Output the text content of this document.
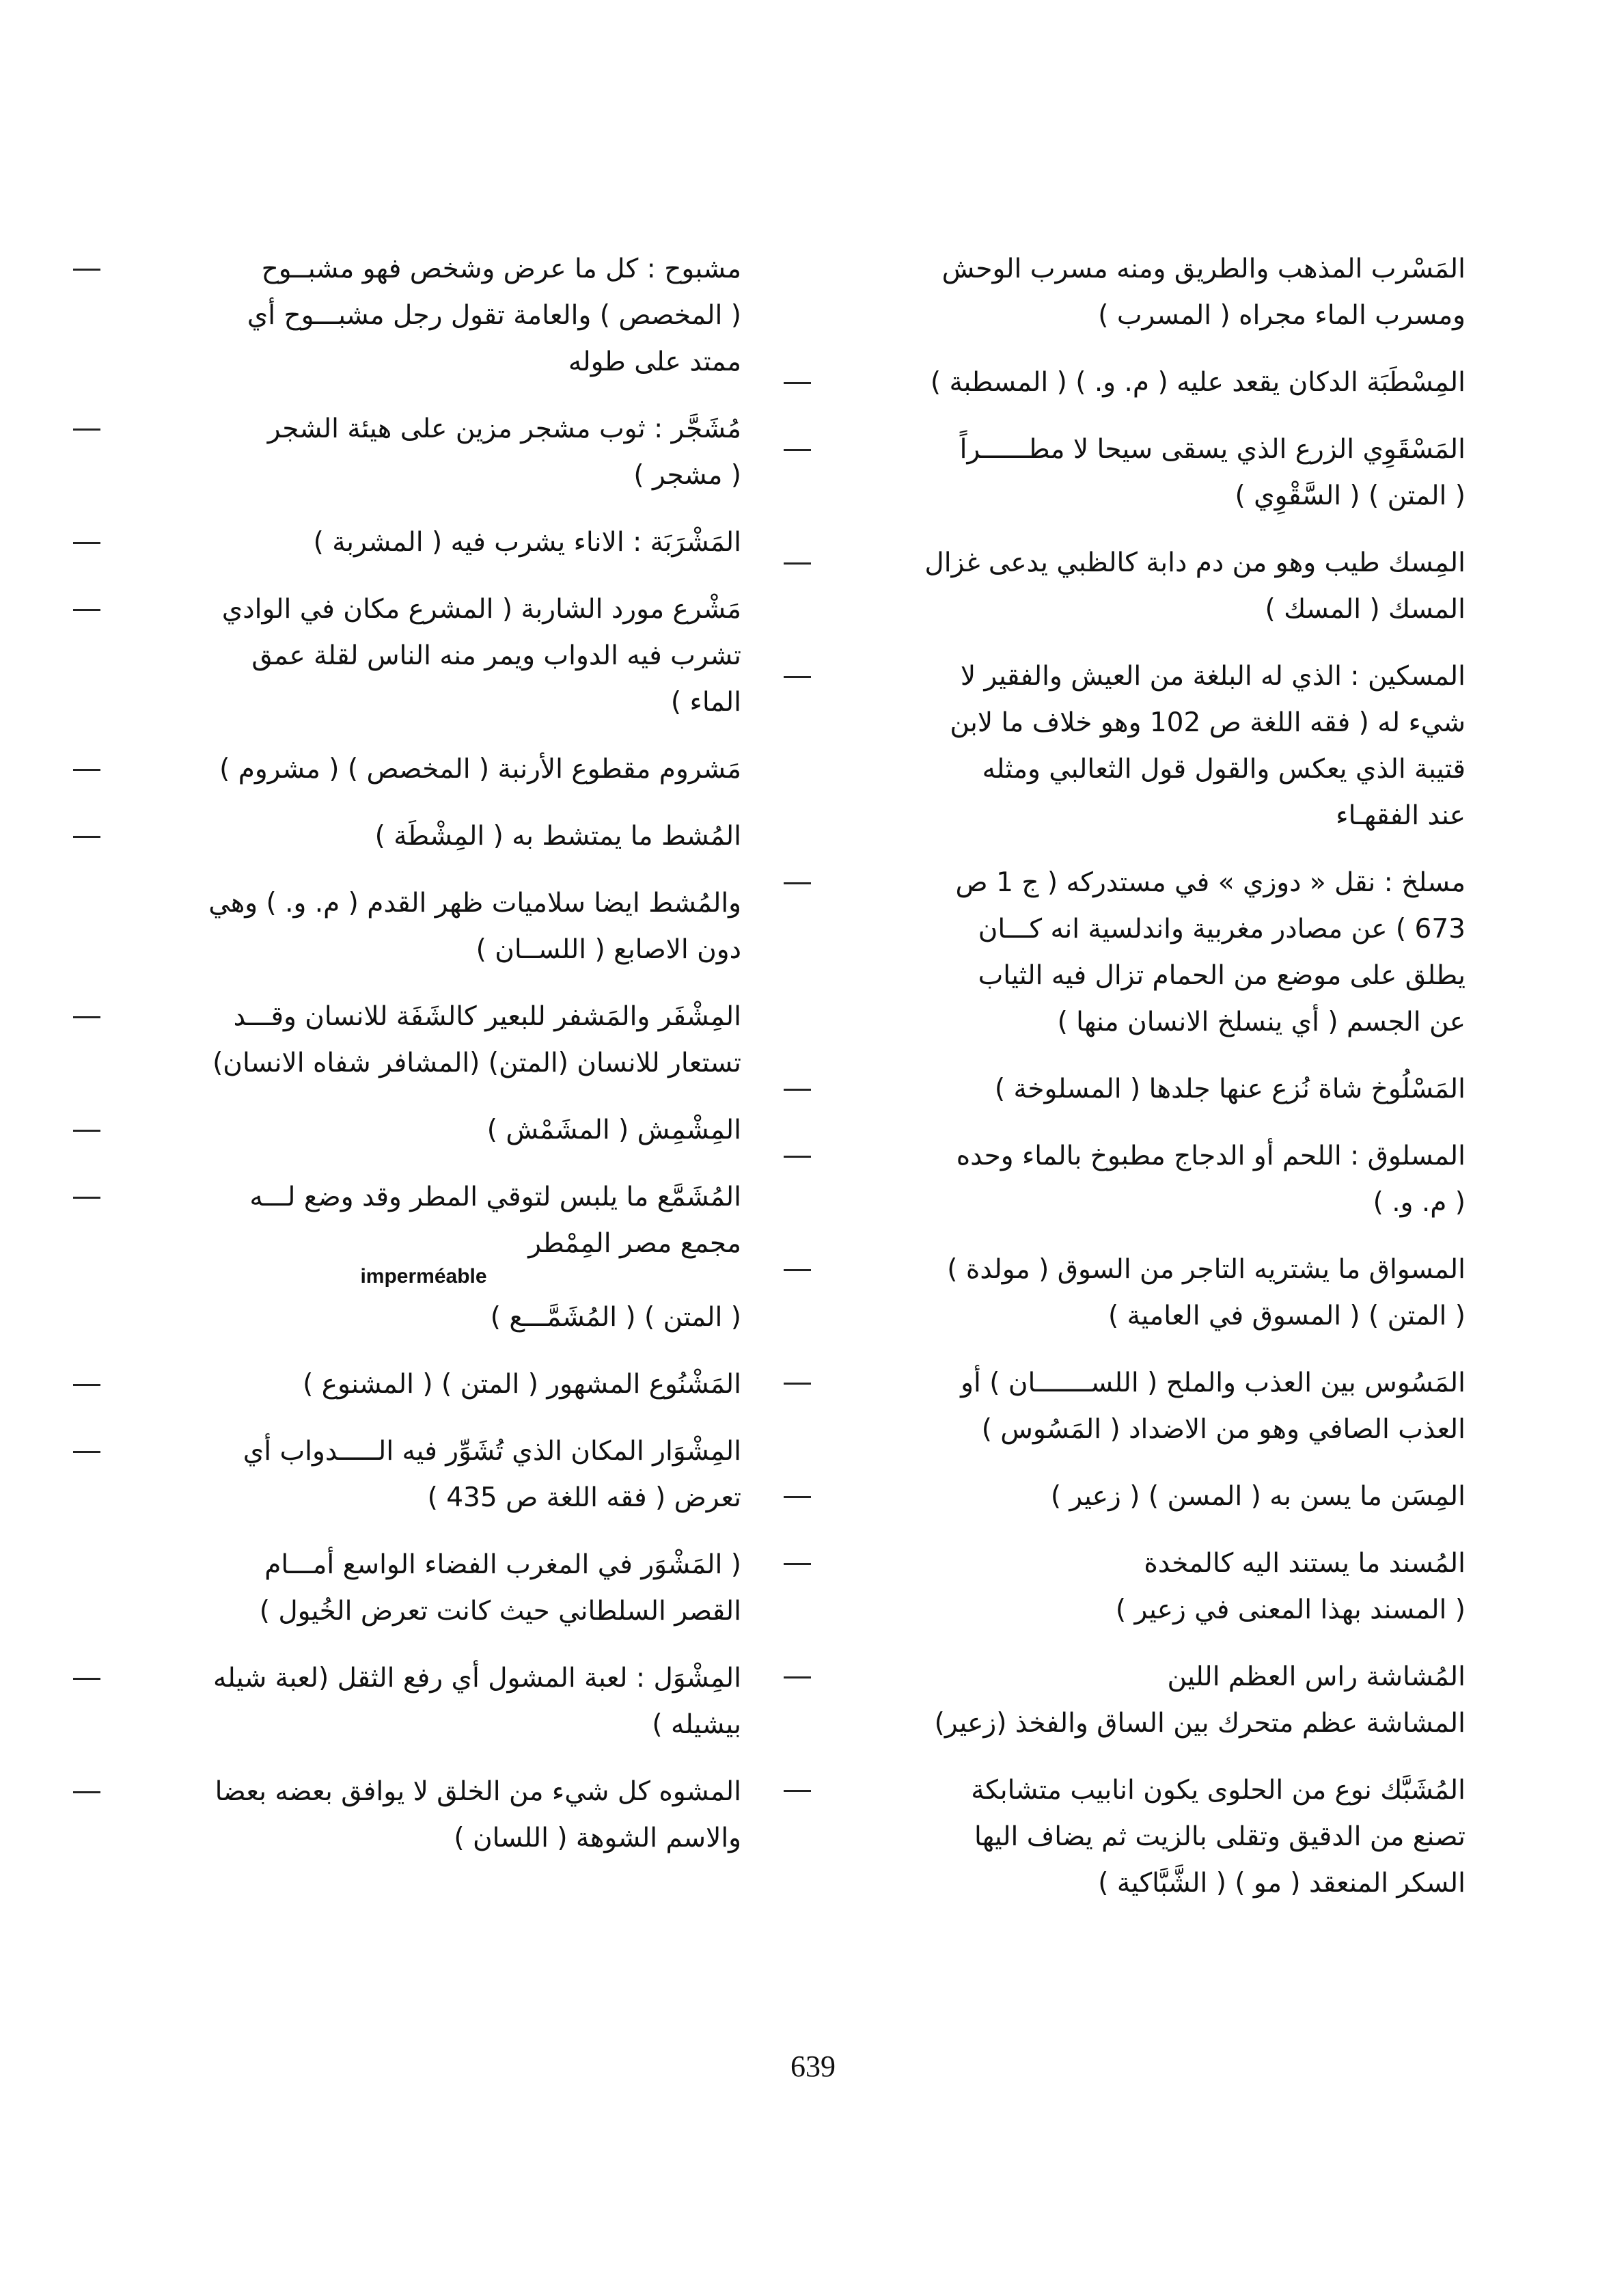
المَسْرب المذهب والطريق ومنه مسرب الوحش
ومسرب الماء مجراه ( المسرب )
المِسْطَبَة الدكان يقعد عليه ( م. و. ) ( المسطبة )
المَسْقَوِي الزرع الذي يسقى سيحا لا مطــــــراً
( المتن ) ( السَّقْوِي )
المِسك طيب وهو من دم دابة كالظبي يدعى غزال
المسك ( المسك )
المسكين : الذي له البلغة من العيش والفقير لا
شيء له ( فقه اللغة ص 102 وهو خلاف ما لابن
قتيبة الذي يعكس والقول قول الثعالبي ومثله
عند الفقهـاء
مسلخ : نقل « دوزي » في مستدركه ( ج 1 ص
673 ) عن مصادر مغربية واندلسية انه كـــان
يطلق على موضع من الحمام تزال فيه الثياب
عن الجسم ( أي ينسلخ الانسان منها )
المَسْلُوخ شاة نُزع عنها جلدها ( المسلوخة )
المسلوق : اللحم أو الدجاج مطبوخ بالماء وحده
( م. و. )
المسواق ما يشتريه التاجر من السوق ( مولدة )
( المتن ) ( المسوق في العامية )
المَسُوس بين العذب والملح ( اللســـــــان ) أو
العذب الصافي وهو من الاضداد ( المَسُوس )
المِسَن ما يسن به ( المسن ) ( زعير )
المُسند ما يستند اليه كالمخدة
( المسند بهذا المعنى في زعير )
المُشاشة راس العظم اللين
المشاشة عظم متحرك بين الساق والفخذ (زعير)
المُشَبَّك نوع من الحلوى يكون انابيب متشابكة
تصنع من الدقيق وتقلى بالزيت ثم يضاف اليها
السكر المنعقد ( مو ) ( الشَّبَّاكية )
مشبوح : كل ما عرض وشخص فهو مشبــوح
( المخصص ) والعامة تقول رجل مشبـــوح أي
ممتد على طوله
مُشَجَّر : ثوب مشجر مزين على هيئة الشجر
( مشجر )
المَشْرَبَة : الاناء يشرب فيه ( المشربة )
مَشْرع مورد الشاربة ( المشرع مكان في الوادي
تشرب فيه الدواب ويمر منه الناس لقلة عمق
الماء )
مَشروم مقطوع الأرنبة ( المخصص ) ( مشروم )
المُشط ما يمتشط به ( المِشْطَة )
والمُشط ايضا سلاميات ظهر القدم ( م. و. ) وهي
دون الاصابع ( اللســان )
المِشْفَر والمَشفر للبعير كالشَفَة للانسان وقـــد
تستعار للانسان (المتن) (المشافر شفاه الانسان)
المِشْمِش ( المشَمْش )
المُشَمَّع ما يلبس لتوقي المطر وقد وضع لـــه
مجمع مصر المِمْطر
imperméable
( المتن ) ( المُشَمَّـــع )
المَشْنُوع المشهور ( المتن ) ( المشنوع )
المِشْوَار المكان الذي تُشَوِّر فيه الـــــدواب أي
تعرض ( فقه اللغة ص 435 )
( المَشْوَر في المغرب الفضاء الواسع أمـــام
القصر السلطاني حيث كانت تعرض الخُيول )
المِشْوَل : لعبة المشول أي رفع الثقل (لعبة شيله
بيشيله )
المشوه كل شيء من الخلق لا يوافق بعضه بعضا
والاسم الشوهة ( اللسان )
639
